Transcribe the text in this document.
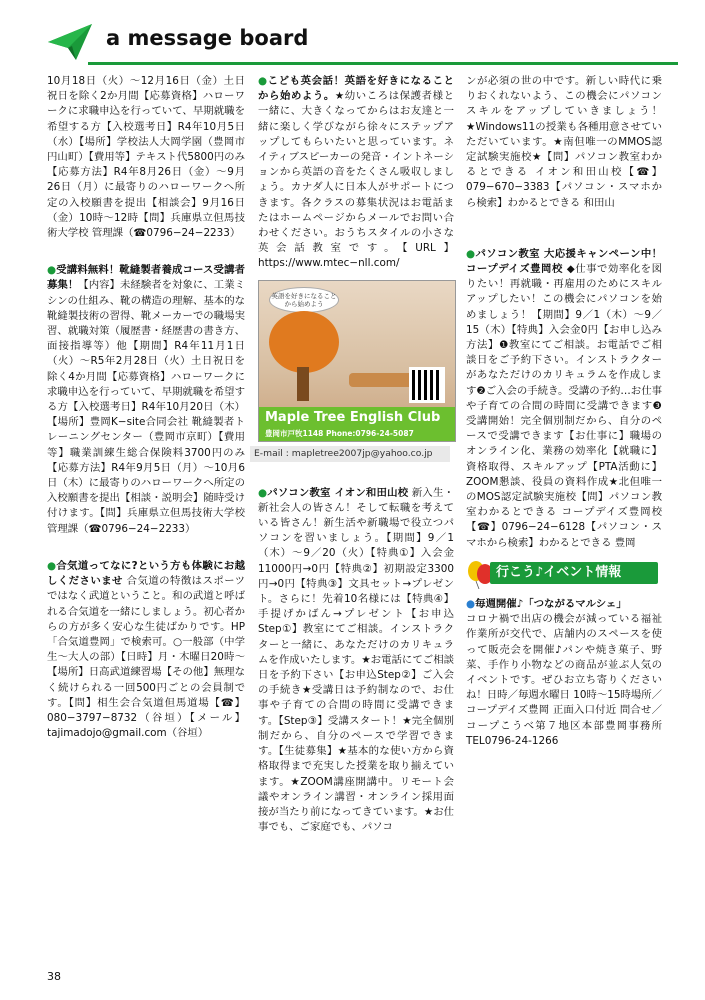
a message board

10月18日（火）〜12月16日（金）土日祝日を除く2か月間【応募資格】ハローワークに求職申込を行っていて、早期就職を希望する方【入校選考日】R4年10月5日（水）【場所】学校法人大岡学園（豊岡市円山町）【費用等】テキスト代5800円のみ【応募方法】R4年8月26日（金）〜9月26日（月）に最寄りのハローワークへ所定の入校願書を提出【相談会】9月16日（金）10時〜12時【問】兵庫県立但馬技術大学校 管理課（☎0796−24−2233）

●受講料無料！靴縫製者養成コース受講者募集！【内容】未経験者を対象に、工業ミシンの仕組み、靴の構造の理解、基本的な靴縫製技術の習得、靴メーカーでの職場実習、就職対策（履歴書・経歴書の書き方、面接指導等）他【期間】R4年11月1日（火）〜R5年2月28日（火）土日祝日を除く4か月間【応募資格】ハローワークに求職申込を行っていて、早期就職を希望する方【入校選考日】R4年10月20日（木）【場所】豊岡K−site合同会社 靴縫製者トレーニングセンター（豊岡市京町）【費用等】職業訓練生総合保険料3700円のみ【応募方法】R4年9月5日（月）〜10月6日（木）に最寄りのハローワークへ所定の入校願書を提出【相談・説明会】随時受け付けます。【問】兵庫県立但馬技術大学校 管理課（☎0796−24−2233）

●合気道ってなに?という方も体験にお越しくださいませ 合気道の特徴はスポーツではなく武道ということ。和の武道と呼ばれる合気道を一緒にしましょう。初心者からの方が多く安心な生徒ばかりです。HP「合気道豊岡」で検索可。○一般部（中学生〜大人の部）【日時】月・木曜日20時〜【場所】日高武道練習場【その他】無理なく続けられる一回500円ごとの会員制です。【問】相生会合気道但馬道場【☎】080−3797−8732（谷垣）【メール】tajimadojo@gmail.com（谷垣）

●こども英会話！英語を好きになることから始めよう。★幼いころは保護者様と一緒に、大きくなってからはお友達と一緒に楽しく学びながら徐々にステップアップしてもらいたいと思っています。ネイティブスピーカーの発音・イントネーションから英語の音をたくさん吸収しましょう。カナダ人に日本人がサポートにつきます。各クラスの募集状況はお電話またはホームページからメールでお問い合わせください。おうちスタイルの小さな英会話教室です。【URL】https://www.mtec−nll.com/

英語を好きになることから始めよう
Maple Tree English Club
豊岡市戸牧1148 Phone:0796-24-5087
E-mail : mapletree2007jp@yahoo.co.jp

●パソコン教室 イオン和田山校 新入生・新社会人の皆さん！そして転職を考えている皆さん！新生活や新職場で役立つパソコンを習いましょう。【期間】9／1（木）〜9／20（火）【特典①】入会金11000円→0円【特典②】初期設定3300円→0円【特典③】文具セット→プレゼント。さらに！先着10名様には【特典④】手提げかばん→プレゼント【お申込Step①】教室にてご相談。インストラクターと一緒に、あなただけのカリキュラムを作成いたします。★お電話にてご相談日を予約下さい【お申込Step②】ご入会の手続き★受講日は予約制なので、お仕事や子育ての合間の時間に受講できます。【Step③】受講スタート！★完全個別制だから、自分のペースで学習できます。【生徒募集】★基本的な使い方から資格取得まで充実した授業を取り揃えています。★ZOOM講座開講中。リモート会議やオンライン講習・オンライン採用面接が当たり前になってきています。★お仕事でも、ご家庭でも、パソコ

ンが必須の世の中です。新しい時代に乗りおくれないよう、この機会にパソコンスキルをアップしていきましょう！★Windows11の授業も各種用意させていただいています。★南但唯一のMMOS認定試験実施校★【問】パソコン教室わかるとできる イオン和田山校【☎】079−670−3383【パソコン・スマホから検索】わかるとできる 和田山

●パソコン教室 大応援キャンペーン中！コープデイズ豊岡校 ◆仕事で効率化を図りたい！再就職・再雇用のためにスキルアップしたい！この機会にパソコンを始めましょう！【期間】9／1（木）〜9／15（木）【特典】入会金0円【お申し込み方法】❶教室にてご相談。お電話でご相談日をご予約下さい。インストラクターがあなただけのカリキュラムを作成します❷ご入会の手続き。受講の予約…お仕事や子育ての合間の時間に受講できます❸受講開始！完全個別制だから、自分のペースで受講できます【お仕事に】職場のオンライン化、業務の効率化【就職に】資格取得、スキルアップ【PTA活動に】ZOOM懇談、役員の資料作成★北但唯一のMOS認定試験実施校【問】パソコン教室わかるとできる コープデイズ豊岡校【☎】0796−24−6128【パソコン・スマホから検索】わかるとできる 豊岡

行こう♪イベント情報

●毎週開催♪「つながるマルシェ」
コロナ禍で出店の機会が減っている福祉作業所が交代で、店舗内のスペースを使って販売会を開催♪パンや焼き菓子、野菜、手作り小物などの商品が並ぶ人気のイベントです。ぜひお立ち寄りくださいね！日時／毎週水曜日 10時〜15時場所／コープデイズ豊岡 正面入口付近 問合せ／コープこうべ第７地区本部豊岡事務所 TEL0796-24-1266

38
